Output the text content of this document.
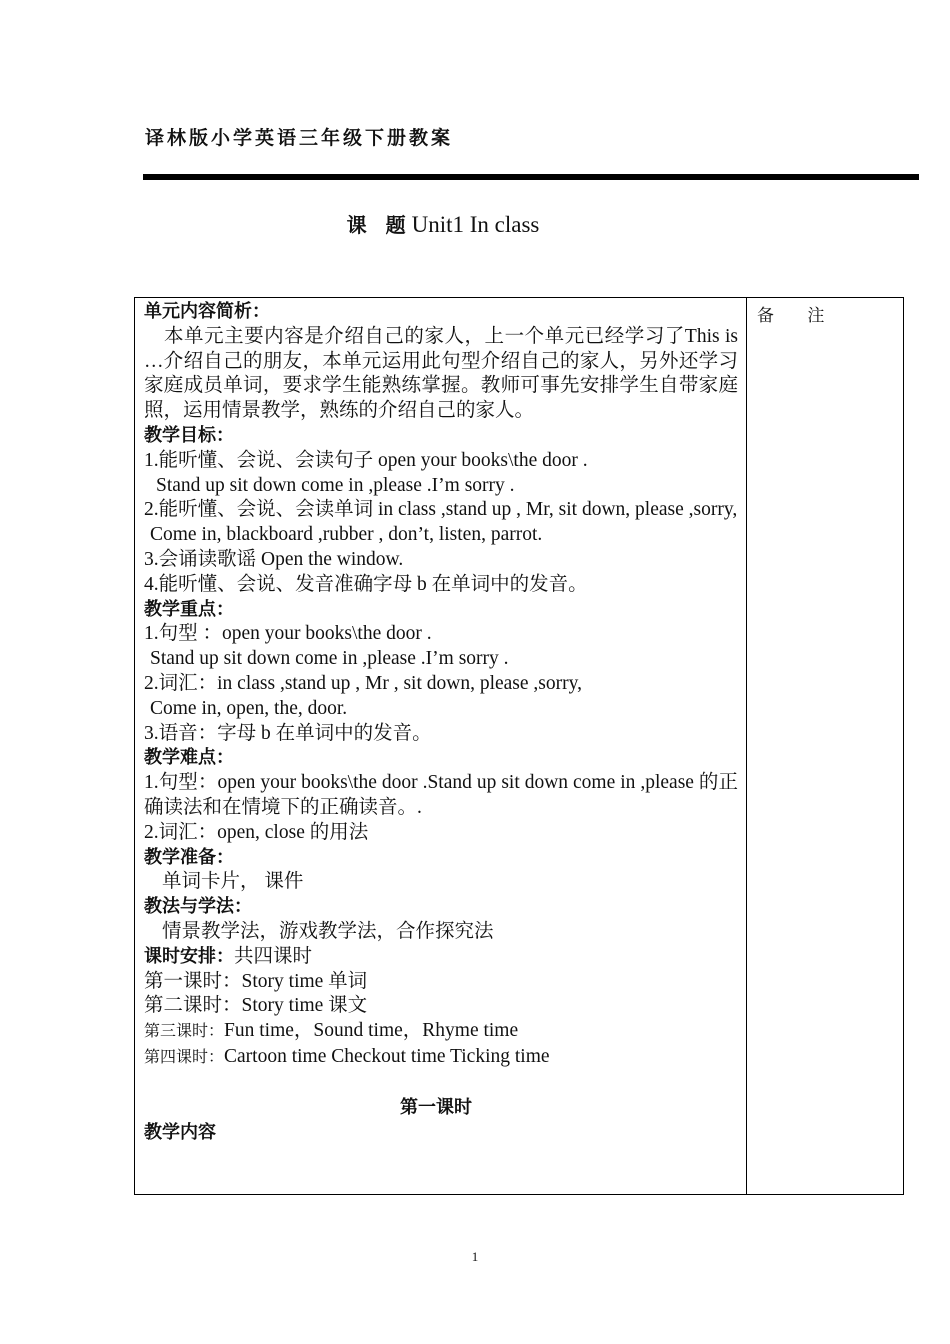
译林版小学英语三年级下册教案
课 题Unit1 In class
备 注
单元内容简析：
本单元主要内容是介绍自己的家人，上一个单元已经学习了This is …介绍自己的朋友，本单元运用此句型介绍自己的家人，另外还学习家庭成员单词，要求学生能熟练掌握。教师可事先安排学生自带家庭照，运用情景教学，熟练的介绍自己的家人。
教学目标：
1.能听懂、会说、会读句子 open your books\the door .
Stand up sit down come in ,please .I’m sorry .
2.能听懂、会说、会读单词 in class ,stand up , Mr, sit down, please ,sorry,
Come in, blackboard ,rubber , don’t, listen, parrot.
3.会诵读歌谣 Open the window.
4.能听懂、会说、发音准确字母 b 在单词中的发音。
教学重点：
1.句型 ：open your books\the door .
Stand up sit down come in ,please .I’m sorry .
2.词汇：in class ,stand up , Mr , sit down, please ,sorry,
Come in, open, the, door.
3.语音：字母 b 在单词中的发音。
教学难点：
1.句型：open your books\the door .Stand up sit down come in ,please 的正确读法和在情境下的正确读音。.
2.词汇：open, close 的用法
教学准备：
单词卡片， 课件
教法与学法：
情景教学法，游戏教学法，合作探究法
课时安排：共四课时
第一课时：Story time 单词
第二课时：Story time 课文
第三课时：Fun time，Sound time，Rhyme time
第四课时：Cartoon time Checkout time Ticking time
第一课时
教学内容
1
